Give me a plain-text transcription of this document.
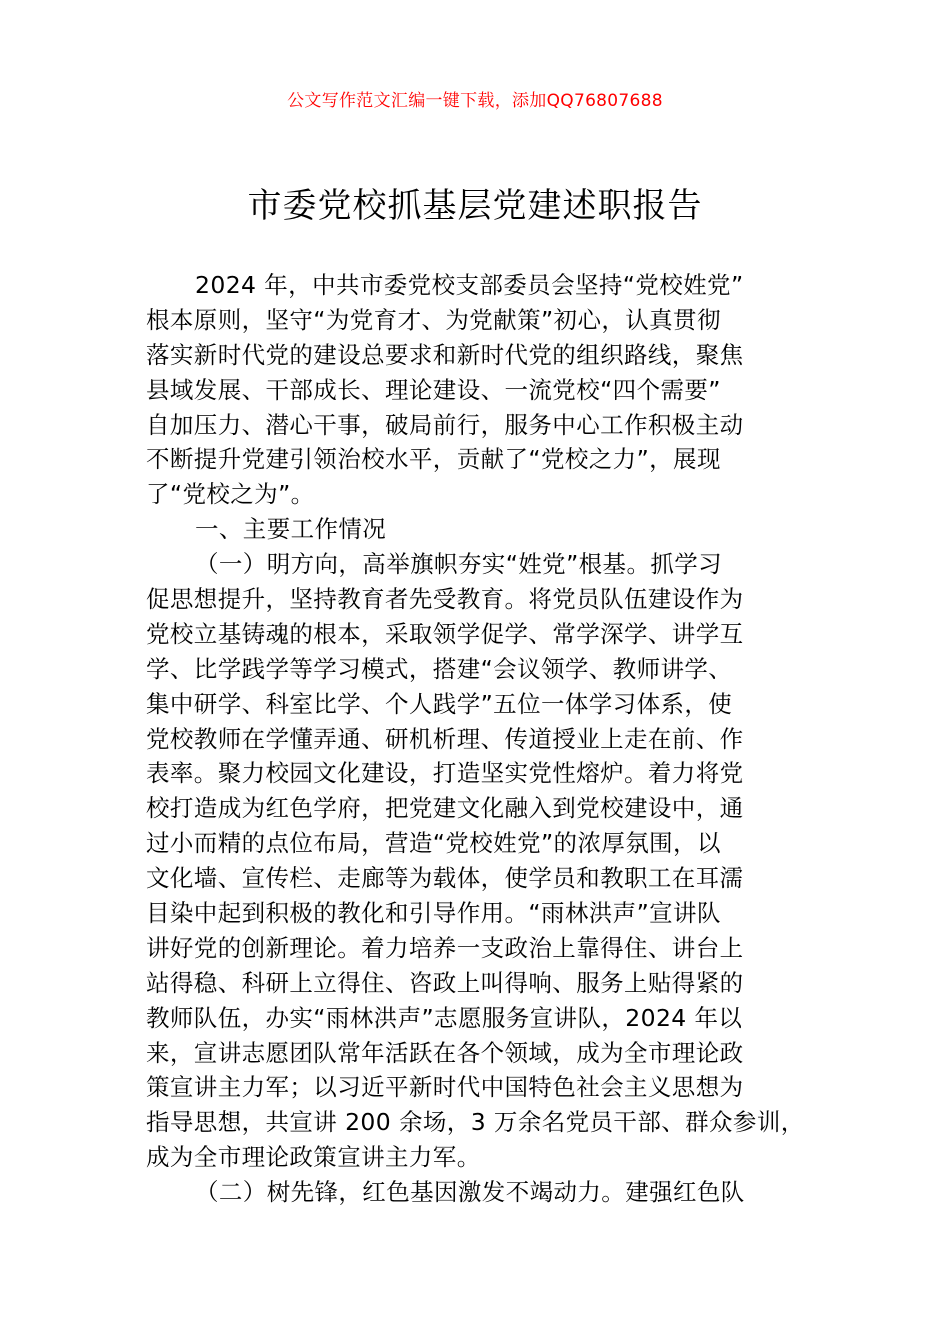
公文写作范文汇编一键下载，添加QQ76807688
市委党校抓基层党建述职报告
2024 年，中共市委党校支部委员会坚持“党校姓党”
根本原则，坚守“为党育才、为党献策”初心，认真贯彻
落实新时代党的建设总要求和新时代党的组织路线，聚焦
县域发展、干部成长、理论建设、一流党校“四个需要”
自加压力、潜心干事，破局前行，服务中心工作积极主动
不断提升党建引领治校水平，贡献了“党校之力”，展现
了“党校之为”。
一、主要工作情况
（一）明方向，高举旗帜夯实“姓党”根基。抓学习
促思想提升，坚持教育者先受教育。将党员队伍建设作为
党校立基铸魂的根本，采取领学促学、常学深学、讲学互
学、比学践学等学习模式，搭建“会议领学、教师讲学、
集中研学、科室比学、个人践学”五位一体学习体系，使
党校教师在学懂弄通、研机析理、传道授业上走在前、作
表率。聚力校园文化建设，打造坚实党性熔炉。着力将党
校打造成为红色学府，把党建文化融入到党校建设中，通
过小而精的点位布局，营造“党校姓党”的浓厚氛围，以
文化墙、宣传栏、走廊等为载体，使学员和教职工在耳濡
目染中起到积极的教化和引导作用。“雨林洪声”宣讲队
讲好党的创新理论。着力培养一支政治上靠得住、讲台上
站得稳、科研上立得住、咨政上叫得响、服务上贴得紧的
教师队伍，办实“雨林洪声”志愿服务宣讲队，2024 年以
来，宣讲志愿团队常年活跃在各个领域，成为全市理论政
策宣讲主力军；以习近平新时代中国特色社会主义思想为
指导思想，共宣讲 200 余场，3 万余名党员干部、群众参训，
成为全市理论政策宣讲主力军。
（二）树先锋，红色基因激发不竭动力。建强红色队
